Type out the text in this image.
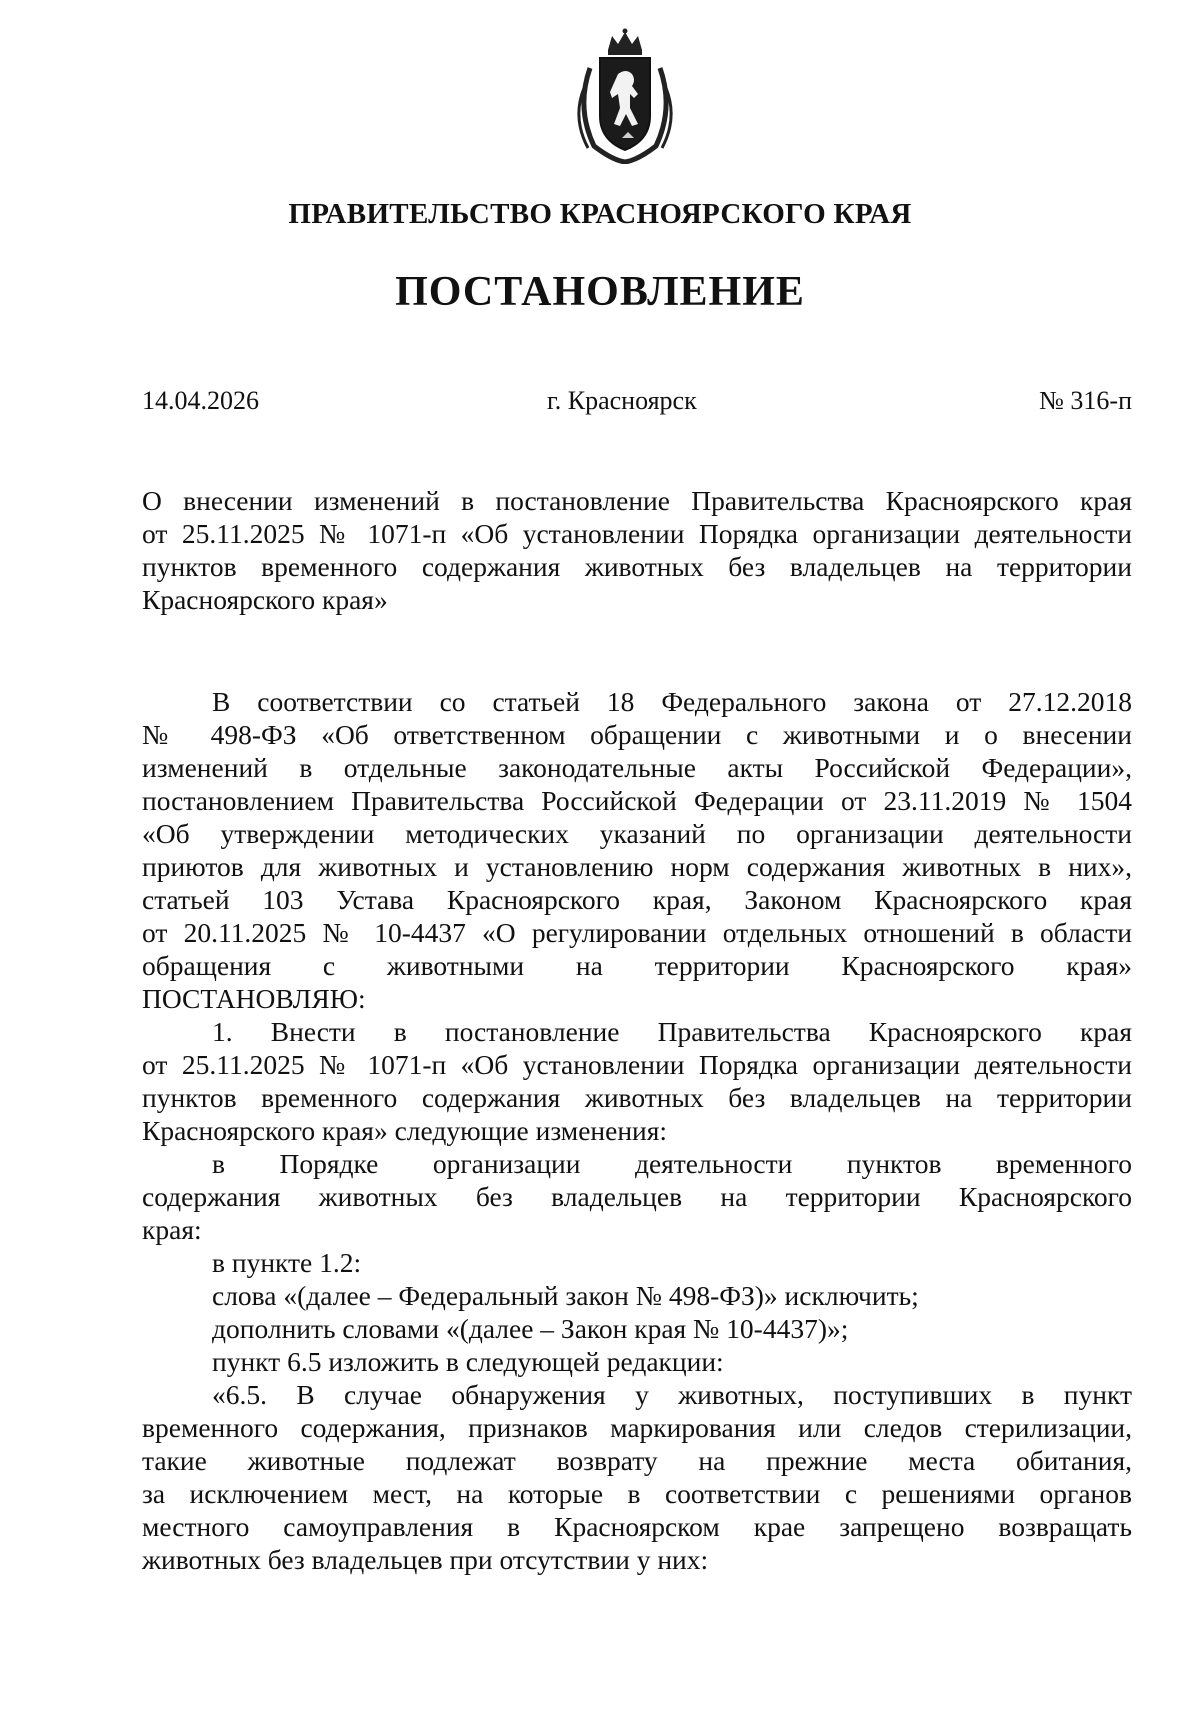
ПРАВИТЕЛЬСТВО КРАСНОЯРСКОГО КРАЯ
ПОСТАНОВЛЕНИЕ
14.04.2026	г. Красноярск	№ 316-п

О внесении изменений в постановление Правительства Красноярского края

от 25.11.2025 № 1071-п «Об установлении Порядка организации деятельности

пунктов временного содержания животных без владельцев на территории

Красноярского края»

В соответствии со статьей 18 Федерального закона от 27.12.2018

№ 498-ФЗ «Об ответственном обращении с животными и о внесении

изменений в отдельные законодательные акты Российской Федерации»,

постановлением Правительства Российской Федерации от 23.11.2019 № 1504

«Об утверждении методических указаний по организации деятельности

приютов для животных и установлению норм содержания животных в них»,

статьей 103 Устава Красноярского края, Законом Красноярского края

от 20.11.2025 № 10-4437 «О регулировании отдельных отношений в области

обращения с животными на территории Красноярского края»

ПОСТАНОВЛЯЮ:

1. Внести в постановление Правительства Красноярского края

от 25.11.2025 № 1071-п «Об установлении Порядка организации деятельности

пунктов временного содержания животных без владельцев на территории

Красноярского края» следующие изменения:

в Порядке организации деятельности пунктов временного

содержания животных без владельцев на территории Красноярского

края:

в пункте 1.2:

слова «(далее – Федеральный закон № 498-ФЗ)» исключить;

дополнить словами «(далее – Закон края № 10-4437)»;

пункт 6.5 изложить в следующей редакции:

«6.5. В случае обнаружения у животных, поступивших в пункт

временного содержания, признаков маркирования или следов стерилизации,

такие животные подлежат возврату на прежние места обитания,

за исключением мест, на которые в соответствии с решениями органов

местного самоуправления в Красноярском крае запрещено возвращать

животных без владельцев при отсутствии у них:
